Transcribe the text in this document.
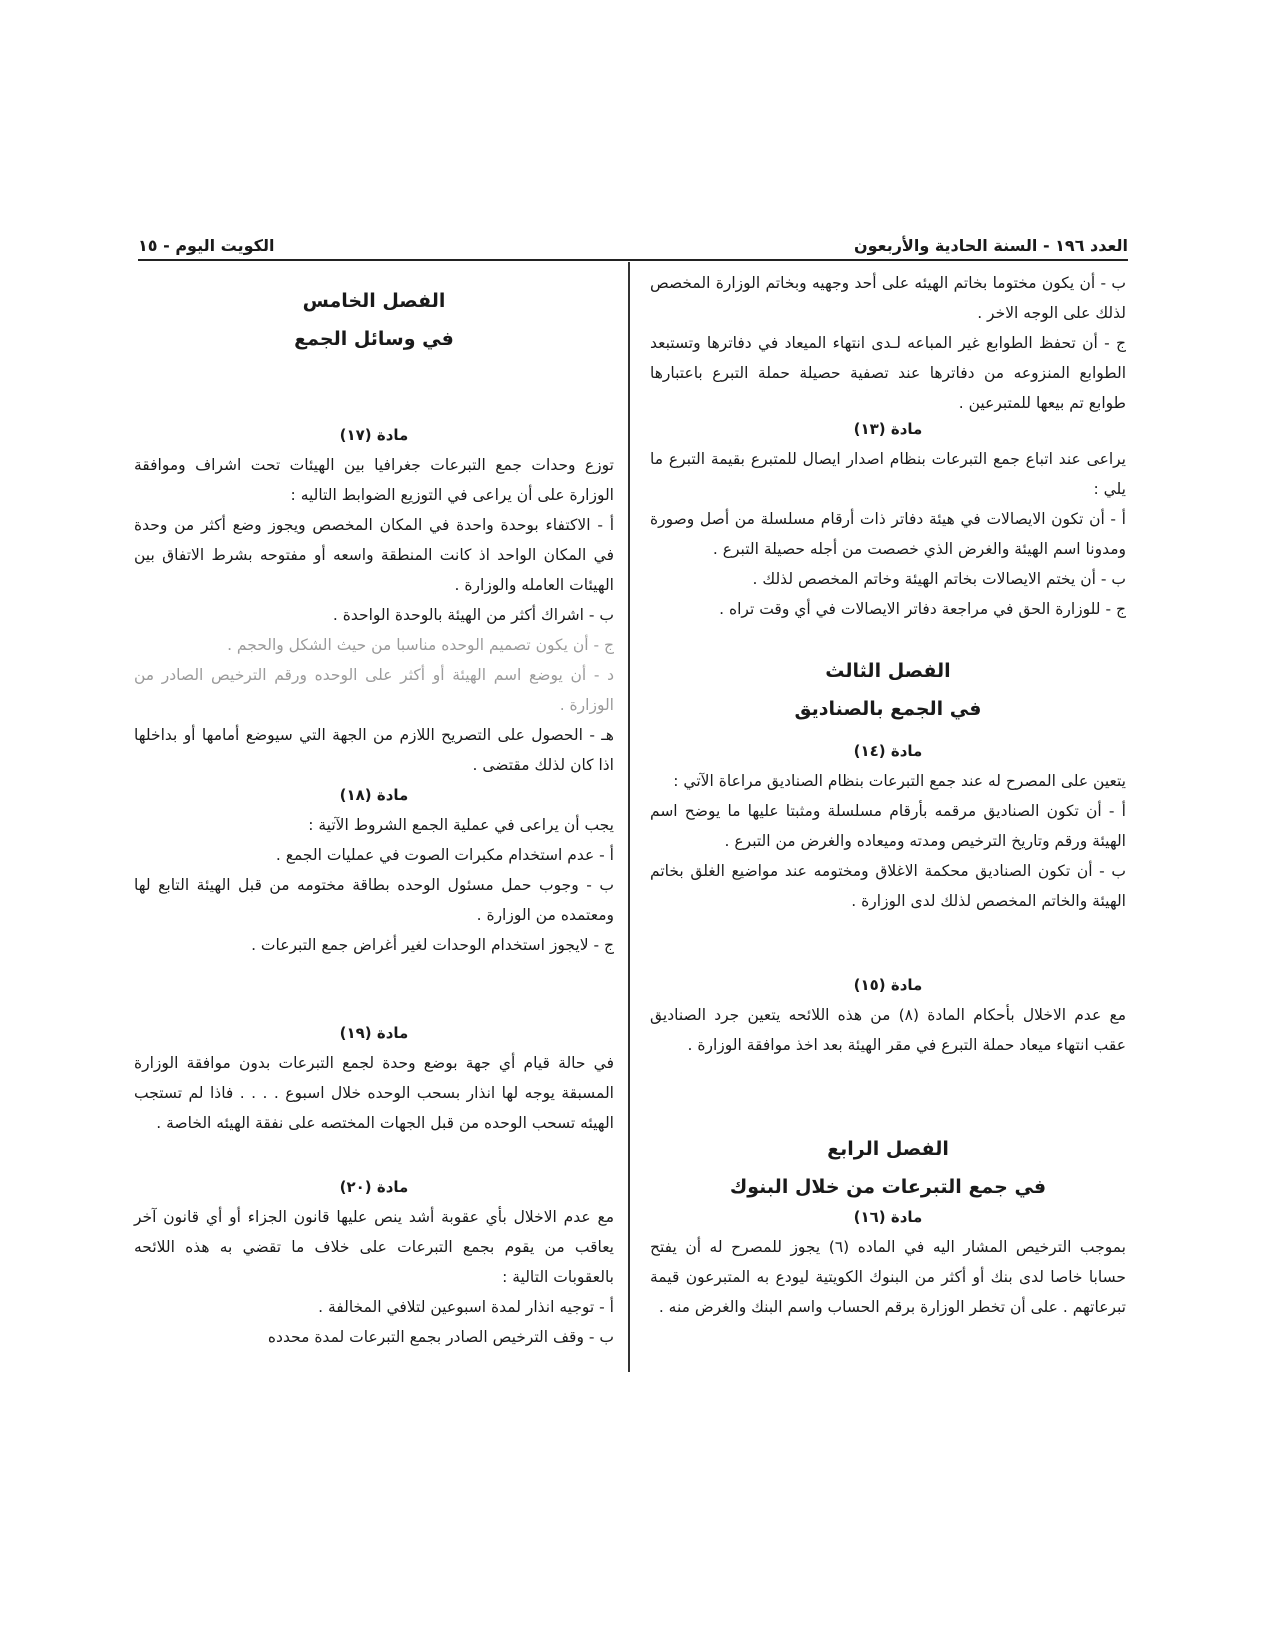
العدد ١٩٦ - السنة الحادية والأربعون
الكويت اليوم - ١٥

ب - أن يكون مختوما بخاتم الهيئه على أحد وجهيه وبخاتم الوزارة المخصص لذلك على الوجه الاخر .

ج - أن تحفظ الطوابع غير المباعه لـدى انتهاء الميعاد في دفاترها وتستبعد الطوابع المنزوعه من دفاترها عند تصفية حصيلة حملة التبرع باعتبارها طوابع تم بيعها للمتبرعين .

مادة (١٣)

يراعى عند اتباع جمع التبرعات بنظام اصدار ايصال للمتبرع بقيمة التبرع ما يلي :

أ - أن تكون الايصالات في هيئة دفاتر ذات أرقام مسلسلة من أصل وصورة ومدونا اسم الهيئة والغرض الذي خصصت من أجله حصيلة التبرع .

ب - أن يختم الايصالات بخاتم الهيئة وخاتم المخصص لذلك .

ج - للوزارة الحق في مراجعة دفاتر الايصالات في أي وقت تراه .

الفصل الثالث
في الجمع بالصناديق
مادة (١٤)

يتعين على المصرح له عند جمع التبرعات بنظام الصناديق مراعاة الآتي :

أ - أن تكون الصناديق مرقمه بأرقام مسلسلة ومثبتا عليها ما يوضح اسم الهيئة ورقم وتاريخ الترخيص ومدته وميعاده والغرض من التبرع .

ب - أن تكون الصناديق محكمة الاغلاق ومختومه عند مواضيع الغلق بخاتم الهيئة والخاتم المخصص لذلك لدى الوزارة .

مادة (١٥)

مع عدم الاخلال بأحكام المادة (٨) من هذه اللائحه يتعين جرد الصناديق عقب انتهاء ميعاد حملة التبرع في مقر الهيئة بعد اخذ موافقة الوزارة .

الفصل الرابع
في جمع التبرعات من خلال البنوك
مادة (١٦)

بموجب الترخيص المشار اليه في الماده (٦) يجوز للمصرح له أن يفتح حسابا خاصا لدى بنك أو أكثر من البنوك الكويتية ليودع به المتبرعون قيمة تبرعاتهم . على أن تخطر الوزارة برقم الحساب واسم البنك والغرض منه .

الفصل الخامس
في وسائل الجمع
مادة (١٧)

توزع وحدات جمع التبرعات جغرافيا بين الهيئات تحت اشراف وموافقة الوزارة على أن يراعى في التوزيع الضوابط التاليه :

أ - الاكتفاء بوحدة واحدة في المكان المخصص ويجوز وضع أكثر من وحدة في المكان الواحد اذ كانت المنطقة واسعه أو مفتوحه بشرط الاتفاق بين الهيئات العامله والوزارة .

ب - اشراك أكثر من الهيئة بالوحدة الواحدة .

ج - أن يكون تصميم الوحده مناسبا من حيث الشكل والحجم .

د - أن يوضع اسم الهيئة أو أكثر على الوحده ورقم الترخيص الصادر من الوزارة .

هـ - الحصول على التصريح اللازم من الجهة التي سيوضع أمامها أو بداخلها اذا كان لذلك مقتضى .

مادة (١٨)

يجب أن يراعى في عملية الجمع الشروط الآتية :

أ - عدم استخدام مكبرات الصوت في عمليات الجمع .

ب - وجوب حمل مسئول الوحده بطاقة مختومه من قبل الهيئة التابع لها ومعتمده من الوزارة .

ج - لايجوز استخدام الوحدات لغير أغراض جمع التبرعات .

مادة (١٩)

في حالة قيام أي جهة بوضع وحدة لجمع التبرعات بدون موافقة الوزارة المسبقة يوجه لها انذار بسحب الوحده خلال اسبوع . . . . فاذا لم تستجب الهيئه تسحب الوحده من قبل الجهات المختصه على نفقة الهيئه الخاصة .

مادة (٢٠)

مع عدم الاخلال بأي عقوبة أشد ينص عليها قانون الجزاء أو أي قانون آخر يعاقب من يقوم بجمع التبرعات على خلاف ما تقضي به هذه اللائحه بالعقوبات التالية :

أ - توجيه انذار لمدة اسبوعين لتلافي المخالفة .

ب - وقف الترخيص الصادر بجمع التبرعات لمدة محدده
